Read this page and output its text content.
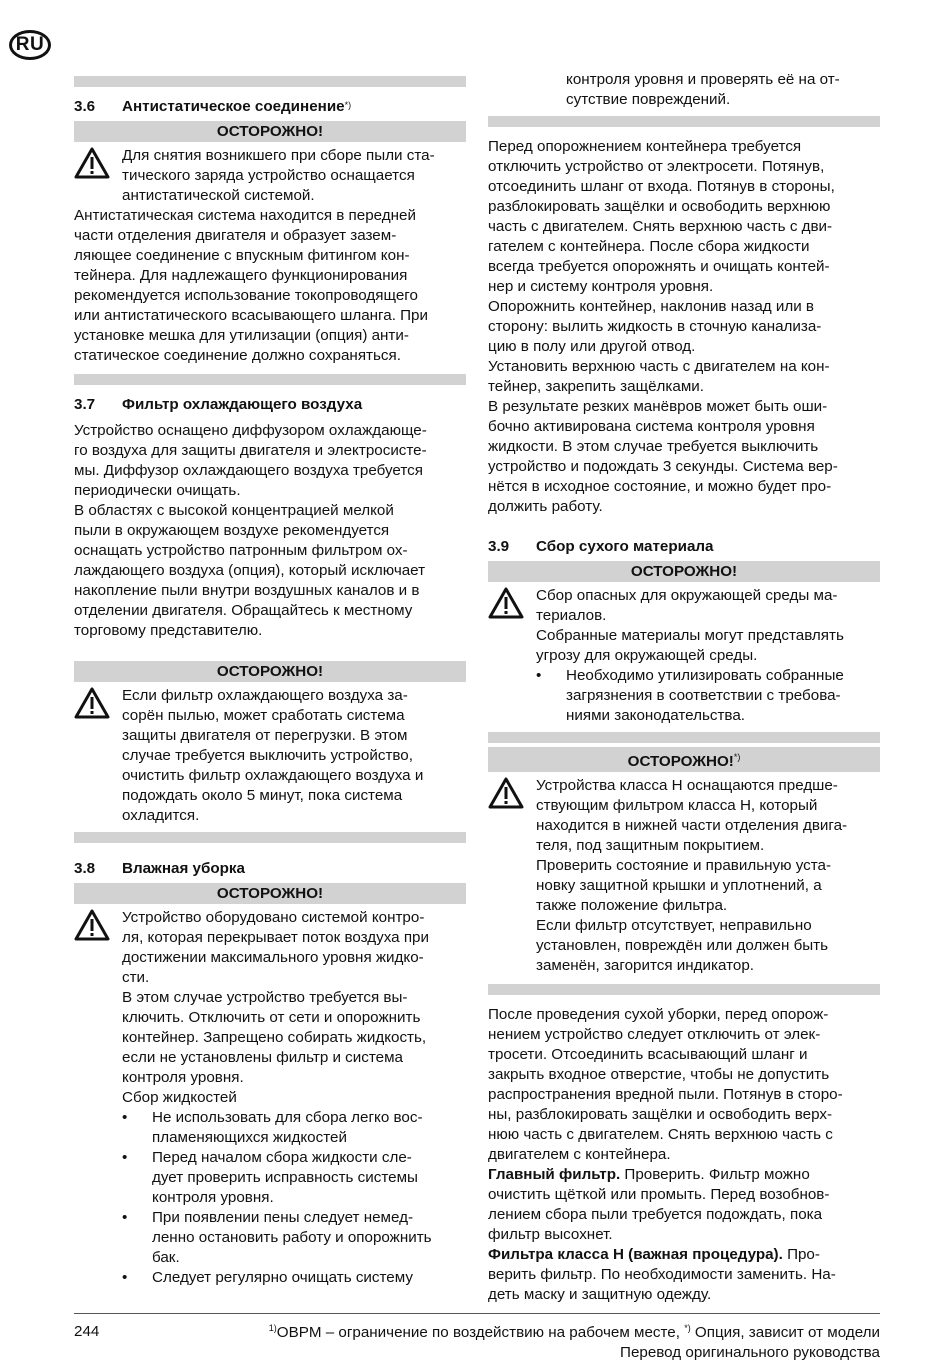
RU
3.6	Антистатическое соединение*)
ОСТОРОЖНО!

Для снятия возникшего при сборе пыли ста-

тического заряда устройство оснащается

антистатической системой.

Антистатическая система находится в передней

части отделения двигателя и образует зазем-

ляющее соединение с впускным фитингом кон-

тейнера. Для надлежащего функционирования

рекомендуется использование токопроводящего

или антистатического всасывающего шланга. При

установке мешка для утилизации (опция) анти-

статическое соединение должно сохраняться.

3.7	Фильтр охлаждающего воздуха

Устройство оснащено диффузором охлаждающе-

го воздуха для защиты двигателя и электросисте-

мы. Диффузор охлаждающего воздуха требуется

периодически очищать.

В областях с высокой концентрацией мелкой

пыли в окружающем воздухе рекомендуется

оснащать устройство патронным фильтром ох-

лаждающего воздуха (опция), который исключает

накопление пыли внутри воздушных каналов и в

отделении двигателя. Обращайтесь к местному

торговому представителю.

ОСТОРОЖНО!

Если фильтр охлаждающего воздуха за-

сорён пылью, может сработать система

защиты двигателя от перегрузки. В этом

случае требуется выключить устройство,

очистить фильтр охлаждающего воздуха и

подождать около 5 минут, пока система

охладится.

3.8	Влажная уборка
ОСТОРОЖНО!

Устройство оборудовано системой контро-

ля, которая перекрывает поток воздуха при

достижении максимального уровня жидко-

сти.

В этом случае устройство требуется вы-

ключить. Отключить от сети и опорожнить

контейнер. Запрещено собирать жидкость,

если не установлены фильтр и система

контроля уровня.

Сбор жидкостей

•	Не использовать для сбора легко вос-
пламеняющихся жидкостей
•	Перед началом сбора жидкости сле-
дует проверить исправность системы
контроля уровня.
•	При появлении пены следует немед-
ленно остановить работу и опорожнить
бак.
•	Следует регулярно очищать систему

контроля уровня и проверять её на от-

сутствие повреждений.

Перед опорожнением контейнера требуется

отключить устройство от электросети. Потянув,

отсоединить шланг от входа. Потянув в стороны,

разблокировать защёлки и освободить верхнюю

часть с двигателем. Снять верхнюю часть с дви-

гателем с контейнера. После сбора жидкости

всегда требуется опорожнять и очищать контей-

нер и систему контроля уровня.

Опорожнить контейнер, наклонив назад или в

сторону: вылить жидкость в сточную канализа-

цию в полу или другой отвод.

Установить верхнюю часть с двигателем на кон-

тейнер, закрепить защёлками.

В результате резких манёвров может быть оши-

бочно активирована система контроля уровня

жидкости. В этом случае требуется выключить

устройство и подождать 3 секунды. Система вер-

нётся в исходное состояние, и можно будет про-

должить работу.

3.9	Сбор сухого материала
ОСТОРОЖНО!

Сбор опасных для окружающей среды ма-

териалов.

Собранные материалы могут представлять

угрозу для окружающей среды.

•	Необходимо утилизировать собранные
загрязнения в соответствии с требова-
ниями законодательства.
ОСТОРОЖНО!*)

Устройства класса H оснащаются предше-

ствующим фильтром класса H, который

находится в нижней части отделения двига-

теля, под защитным покрытием.

Проверить состояние и правильную уста-

новку защитной крышки и уплотнений, а

также положение фильтра.

Если фильтр отсутствует, неправильно

установлен, повреждён или должен быть

заменён, загорится индикатор.

После проведения сухой уборки, перед опорож-

нением устройство следует отключить от элек-

тросети. Отсоединить всасывающий шланг и

закрыть входное отверстие, чтобы не допустить

распространения вредной пыли. Потянув в сторо-

ны, разблокировать защёлки и освободить верх-

нюю часть с двигателем. Снять верхнюю часть с

двигателем с контейнера.

Главный фильтр. Проверить. Фильтр можно

очистить щёткой или промыть. Перед возобнов-

лением сбора пыли требуется подождать, пока

фильтр высохнет.

Фильтра класса H (важная процедура). Про-

верить фильтр. По необходимости заменить. На-

деть маску и защитную одежду.

244	$^{1)}$OBPM – ограничение по воздействию на рабочем месте, *) Опция, зависит от модели
Перевод оригинального руководства
